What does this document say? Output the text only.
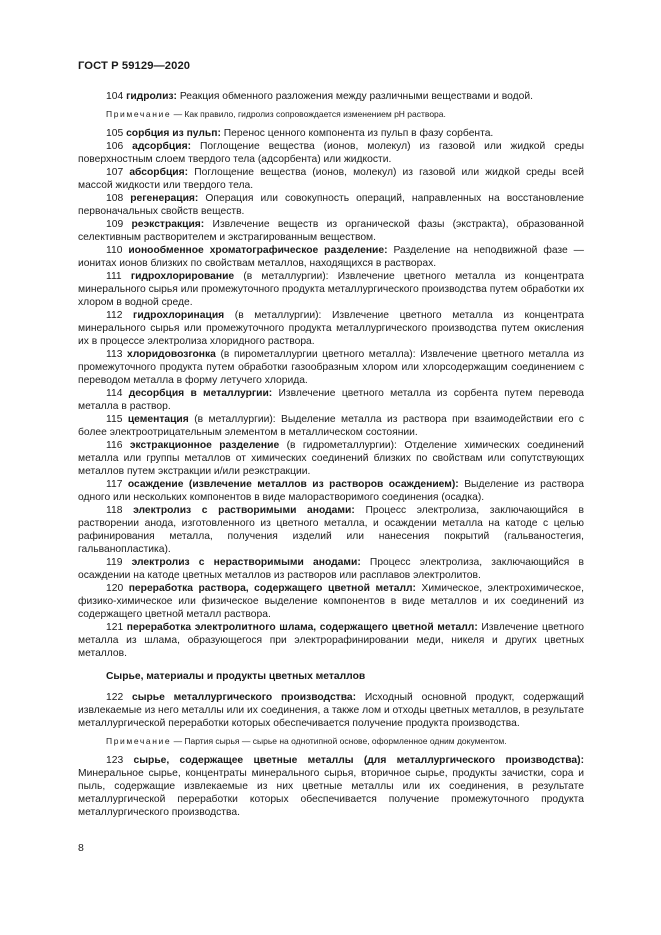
ГОСТ Р 59129—2020

104 гидролиз: Реакция обменного разложения между различными веществами и водой.

Примечание — Как правило, гидролиз сопровождается изменением pH раствора.

105 сорбция из пульп: Перенос ценного компонента из пульп в фазу сорбента.

106 адсорбция: Поглощение вещества (ионов, молекул) из газовой или жидкой среды поверхностным слоем твердого тела (адсорбента) или жидкости.

107 абсорбция: Поглощение вещества (ионов, молекул) из газовой или жидкой среды всей массой жидкости или твердого тела.

108 регенерация: Операция или совокупность операций, направленных на восстановление первоначальных свойств веществ.

109 реэкстракция: Извлечение веществ из органической фазы (экстракта), образованной селективным растворителем и экстрагированным веществом.

110 ионообменное хроматографическое разделение: Разделение на неподвижной фазе — ионитах ионов близких по свойствам металлов, находящихся в растворах.

111 гидрохлорирование (в металлургии): Извлечение цветного металла из концентрата минерального сырья или промежуточного продукта металлургического производства путем обработки их хлором в водной среде.

112 гидрохлоринация (в металлургии): Извлечение цветного металла из концентрата минерального сырья или промежуточного продукта металлургического производства путем окисления их в процессе электролиза хлоридного раствора.

113 хлоридовозгонка (в пирометаллургии цветного металла): Извлечение цветного металла из промежуточного продукта путем обработки газообразным хлором или хлорсодержащим соединением с переводом металла в форму летучего хлорида.

114 десорбция в металлургии: Извлечение цветного металла из сорбента путем перевода металла в раствор.

115 цементация (в металлургии): Выделение металла из раствора при взаимодействии его с более электроотрицательным элементом в металлическом состоянии.

116 экстракционное разделение (в гидрометаллургии): Отделение химических соединений металла или группы металлов от химических соединений близких по свойствам или сопутствующих металлов путем экстракции и/или реэкстракции.

117 осаждение (извлечение металлов из растворов осаждением): Выделение из раствора одного или нескольких компонентов в виде малорастворимого соединения (осадка).

118 электролиз с растворимыми анодами: Процесс электролиза, заключающийся в растворении анода, изготовленного из цветного металла, и осаждении металла на катоде с целью рафинирования металла, получения изделий или нанесения покрытий (гальваностегия, гальванопластика).

119 электролиз с нерастворимыми анодами: Процесс электролиза, заключающийся в осаждении на катоде цветных металлов из растворов или расплавов электролитов.

120 переработка раствора, содержащего цветной металл: Химическое, электрохимическое, физико-химическое или физическое выделение компонентов в виде металлов и их соединений из содержащего цветной металл раствора.

121 переработка электролитного шлама, содержащего цветной металл: Извлечение цветного металла из шлама, образующегося при электрорафинировании меди, никеля и других цветных металлов.

Сырье, материалы и продукты цветных металлов

122 сырье металлургического производства: Исходный основной продукт, содержащий извлекаемые из него металлы или их соединения, а также лом и отходы цветных металлов, в результате металлургической переработки которых обеспечивается получение продукта производства.

Примечание — Партия сырья — сырье на однотипной основе, оформленное одним документом.

123 сырье, содержащее цветные металлы (для металлургического производства): Минеральное сырье, концентраты минерального сырья, вторичное сырье, продукты зачистки, сора и пыль, содержащие извлекаемые из них цветные металлы или их соединения, в результате металлургической переработки которых обеспечивается получение промежуточного продукта металлургического производства.

8
